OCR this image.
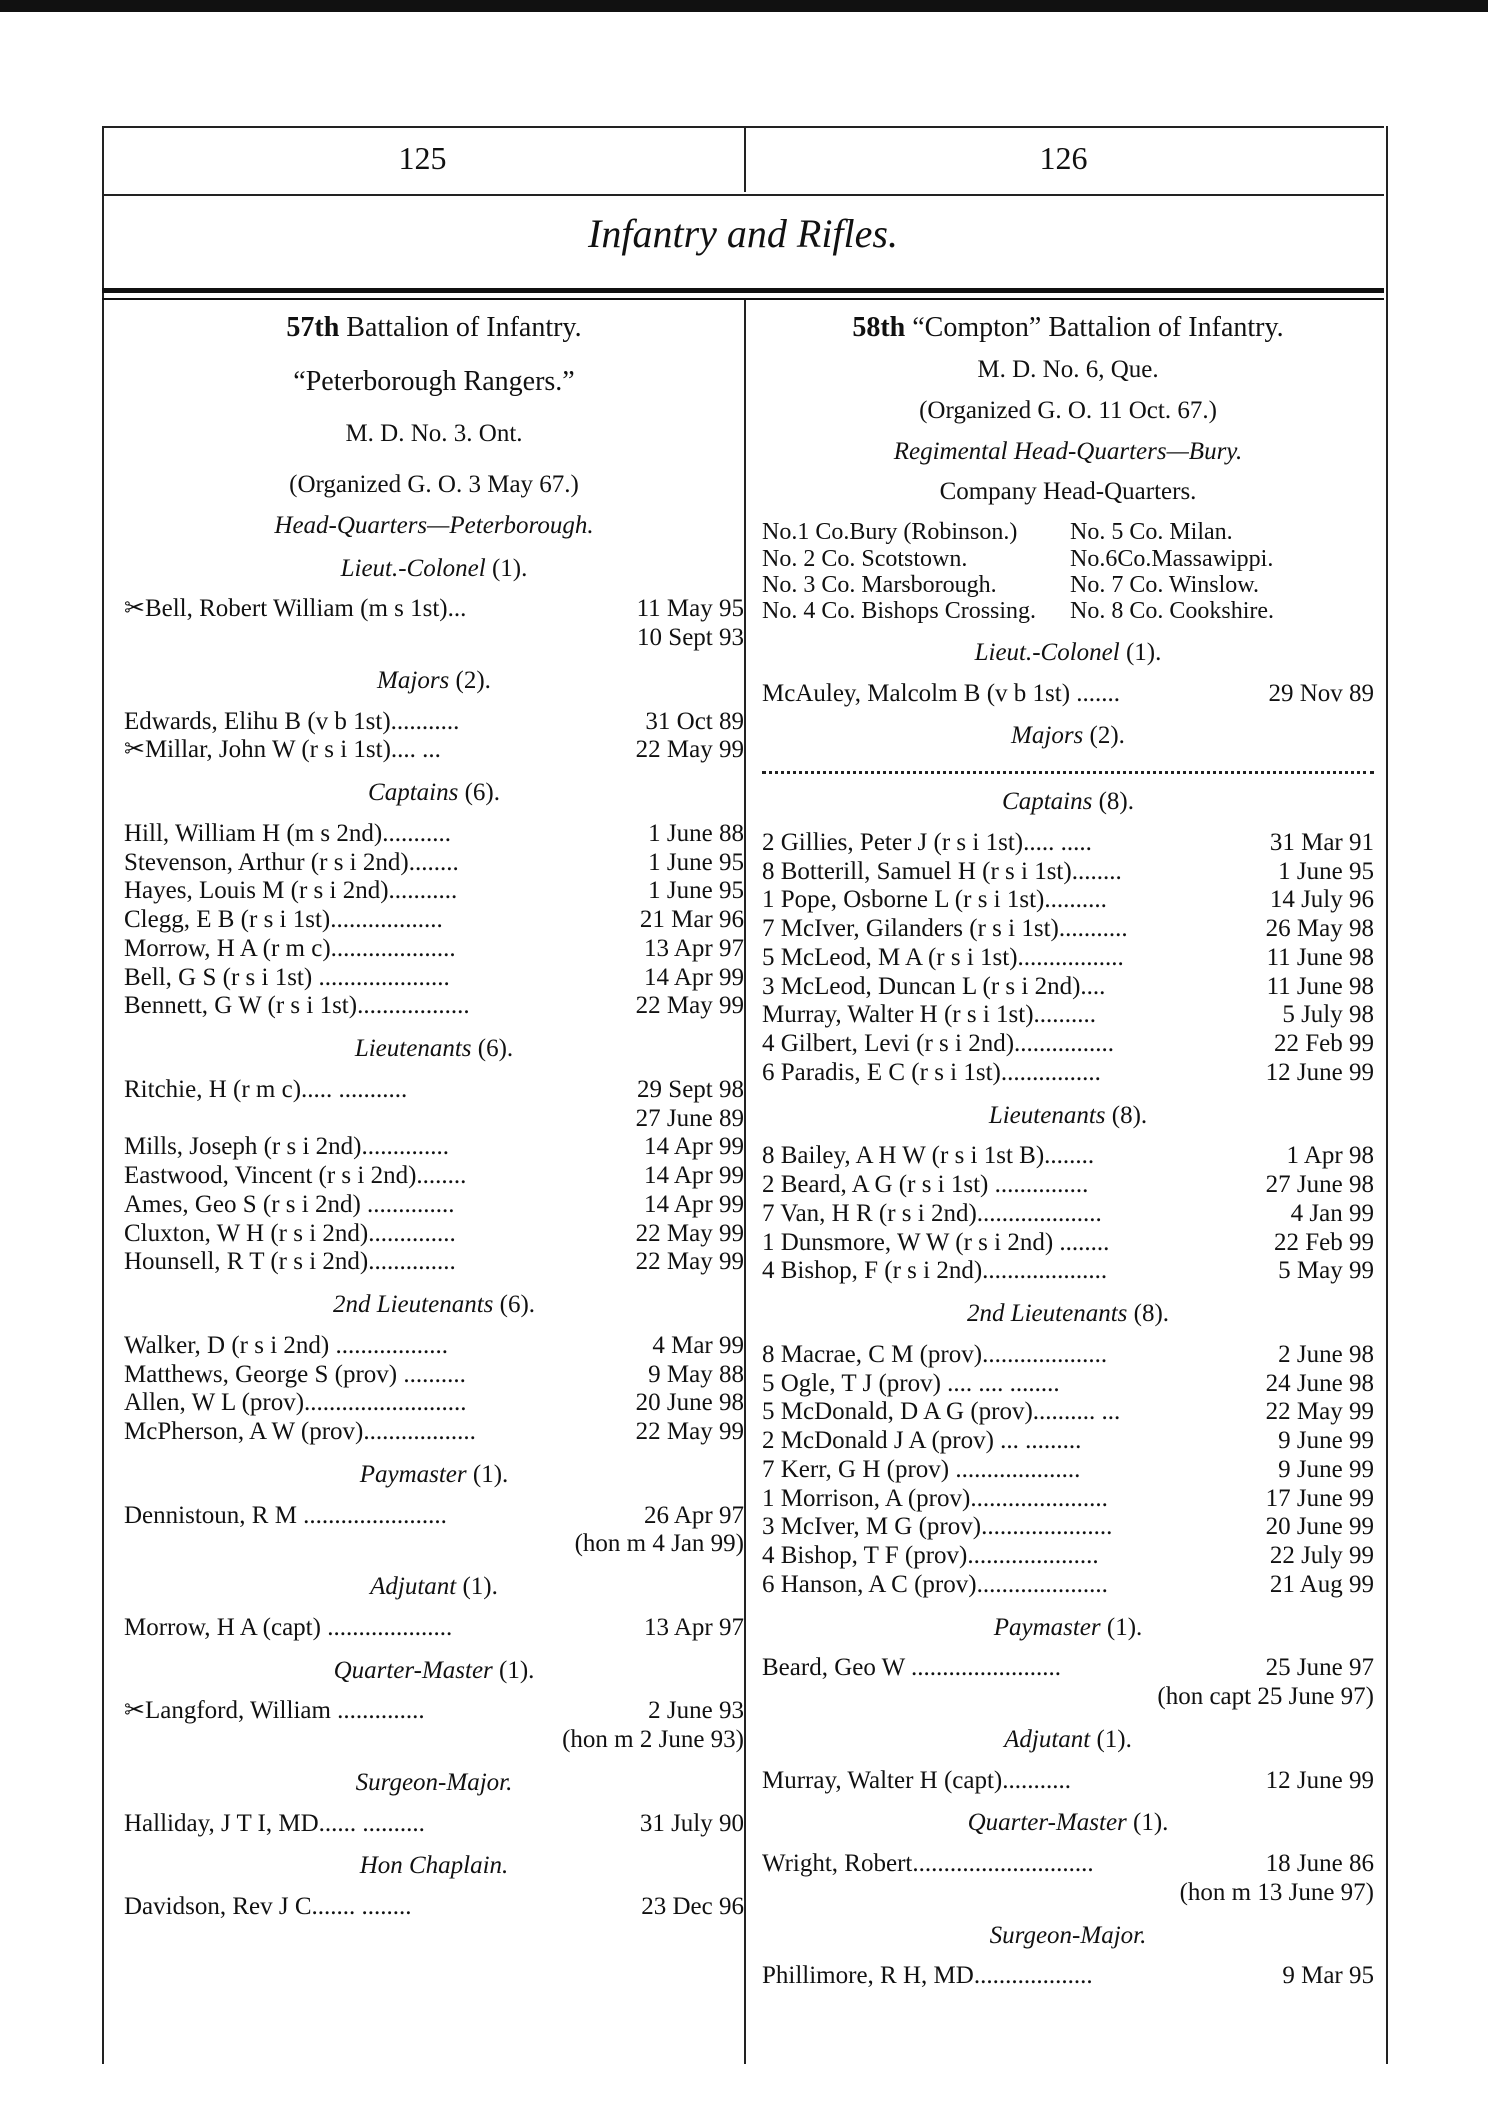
125	126
Infantry and Rifles.
57th Battalion of Infantry.
“Peterborough Rangers.”
M. D. No. 3. Ont.
(Organized G. O. 3 May 67.)
Head-Quarters—Peterborough.
Lieut.-Colonel (1).
✂Bell, Robert William (m s 1st)...	11 May 95
10 Sept 93
Majors (2).
Edwards, Elihu B (v b 1st)...........	31 Oct 89
✂Millar, John W (r s i 1st).... ...	22 May 99
Captains (6).
Hill, William H (m s 2nd)...........	1 June 88
Stevenson, Arthur (r s i 2nd)........	1 June 95
Hayes, Louis M (r s i 2nd)...........	1 June 95
Clegg, E B (r s i 1st)..................	21 Mar 96
Morrow, H A (r m c)....................	13 Apr 97
Bell, G S (r s i 1st) .....................	14 Apr 99
Bennett, G W (r s i 1st)..................	22 May 99
Lieutenants (6).
Ritchie, H (r m c)..... ...........	29 Sept 98
27 June 89
Mills, Joseph (r s i 2nd)..............	14 Apr 99
Eastwood, Vincent (r s i 2nd)........	14 Apr 99
Ames, Geo S (r s i 2nd) ..............	14 Apr 99
Cluxton, W H (r s i 2nd)..............	22 May 99
Hounsell, R T (r s i 2nd)..............	22 May 99
2nd Lieutenants (6).
Walker, D (r s i 2nd) ..................	4 Mar 99
Matthews, George S (prov) ..........	9 May 88
Allen, W L (prov)..........................	20 June 98
McPherson, A W (prov)..................	22 May 99
Paymaster (1).
Dennistoun, R M .......................	26 Apr 97
(hon m 4 Jan 99)
Adjutant (1).
Morrow, H A (capt) ....................	13 Apr 97
Quarter-Master (1).
✂Langford, William ..............	2 June 93
(hon m 2 June 93)
Surgeon-Major.
Halliday, J T I, MD...... ..........	31 July 90
Hon Chaplain.
Davidson, Rev J C....... ........	23 Dec 96
58th “Compton” Battalion of Infantry.
M. D. No. 6, Que.
(Organized G. O. 11 Oct. 67.)
Regimental Head-Quarters—Bury.
Company Head-Quarters.
No.1 Co.Bury (Robinson.)	No. 5 Co. Milan.
No. 2 Co. Scotstown.	No.6Co.Massawippi.
No. 3 Co. Marsborough.	No. 7 Co. Winslow.
No. 4 Co. Bishops Crossing.	No. 8 Co. Cookshire.
Lieut.-Colonel (1).
McAuley, Malcolm B (v b 1st) .......	29 Nov 89
Majors (2).
Captains (8).
2 Gillies, Peter J (r s i 1st)..... .....	31 Mar 91
8 Botterill, Samuel H (r s i 1st)........	1 June 95
1 Pope, Osborne L (r s i 1st)..........	14 July 96
7 McIver, Gilanders (r s i 1st)...........	26 May 98
5 McLeod, M A (r s i 1st).................	11 June 98
3 McLeod, Duncan L (r s i 2nd)....	11 June 98
Murray, Walter H (r s i 1st)..........	5 July 98
4 Gilbert, Levi (r s i 2nd)................	22 Feb 99
6 Paradis, E C (r s i 1st)................	12 June 99
Lieutenants (8).
8 Bailey, A H W (r s i 1st B)........	1 Apr 98
2 Beard, A G (r s i 1st) ...............	27 June 98
7 Van, H R (r s i 2nd)....................	4 Jan 99
1 Dunsmore, W W (r s i 2nd) ........	22 Feb 99
4 Bishop, F (r s i 2nd)....................	5 May 99
2nd Lieutenants (8).
8 Macrae, C M (prov)....................	2 June 98
5 Ogle, T J (prov) .... .... ........	24 June 98
5 McDonald, D A G (prov).......... ...	22 May 99
2 McDonald J A (prov) ... .........	9 June 99
7 Kerr, G H (prov) ....................	9 June 99
1 Morrison, A (prov)......................	17 June 99
3 McIver, M G (prov).....................	20 June 99
4 Bishop, T F (prov).....................	22 July 99
6 Hanson, A C (prov).....................	21 Aug 99
Paymaster (1).
Beard, Geo W ........................	25 June 97
(hon capt 25 June 97)
Adjutant (1).
Murray, Walter H (capt)...........	12 June 99
Quarter-Master (1).
Wright, Robert.............................	18 June 86
(hon m 13 June 97)
Surgeon-Major.
Phillimore, R H, MD...................	9 Mar 95
